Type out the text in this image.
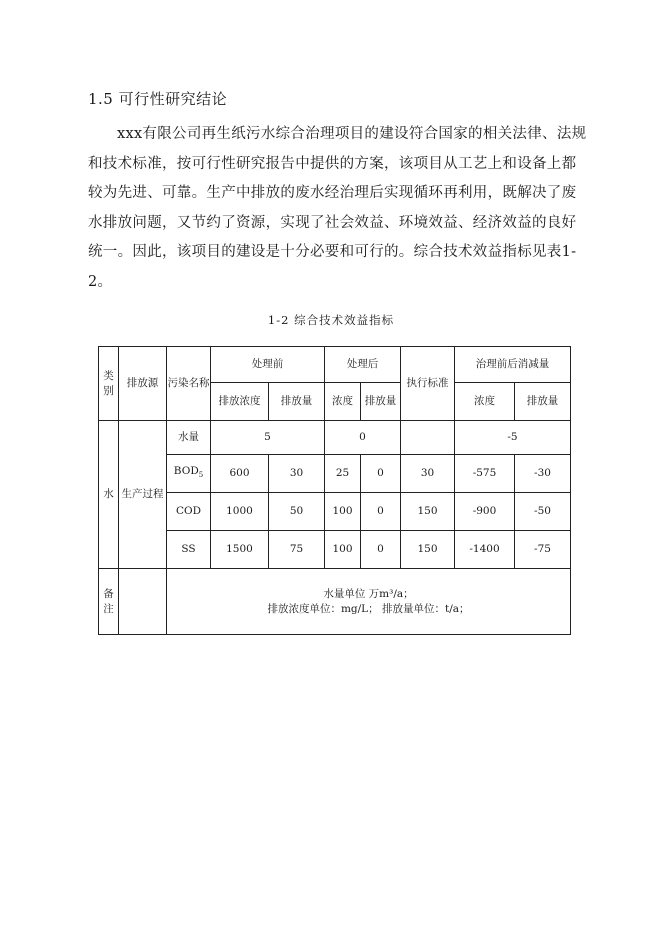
1.5 可行性研究结论

xxx有限公司再生纸污水综合治理项目的建设符合国家的相关法律、法规和技术标准，按可行性研究报告中提供的方案，该项目从工艺上和设备上都较为先进、可靠。生产中排放的废水经治理后实现循环再利用，既解决了废水排放问题，又节约了资源，实现了社会效益、环境效益、经济效益的良好统一。因此，该项目的建设是十分必要和可行的。综合技术效益指标见表1-2。

1-2 综合技术效益指标
类别	排放源	污染名称	处理前		处理后		执行标准	治理前后消减量	
			排放浓度	排放量	浓度	排放量		浓度	排放量
水	生产过程	水量	5		0			-5	
		$BOD_5$	600	30	25	0	30	-575	-30
		COD	1000	50	100	0	150	-900	-50
		SS	1500	75	100	0	150	-1400	-75
备注		水量单位 万m³/a；
排放浓度单位：mg/L； 排放量单位：t/a；							
